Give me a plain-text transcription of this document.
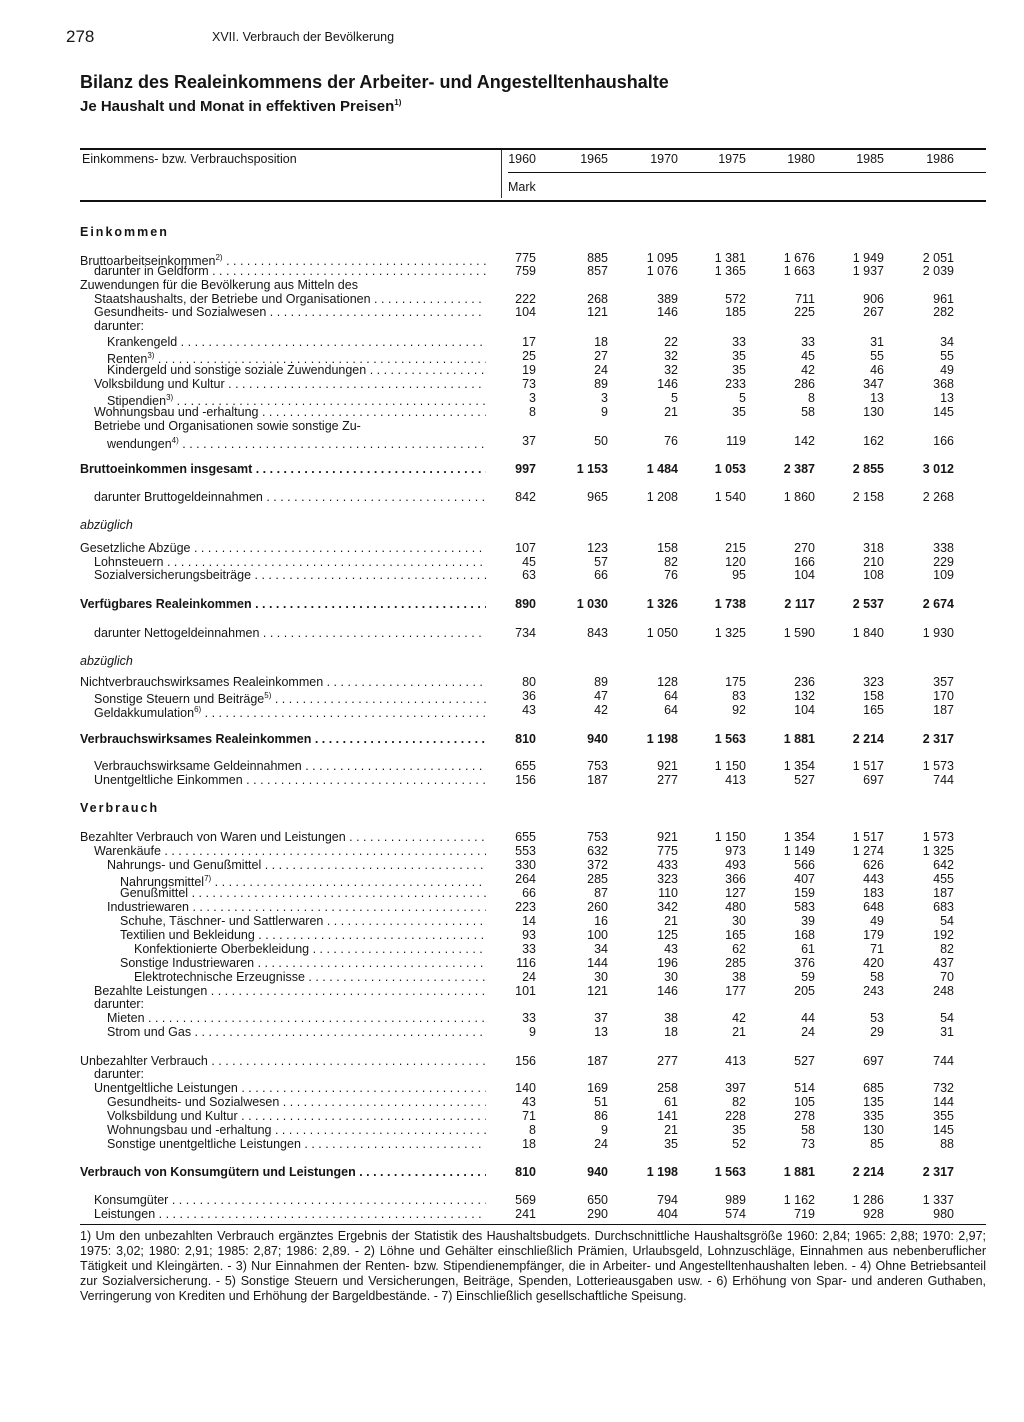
278	XVII. Verbrauch der Bevölkerung
Bilanz des Realeinkommens der Arbeiter- und Angestelltenhaushalte
Je Haushalt und Monat in effektiven Preisen$^{1)}$
Einkommens- bzw. Verbrauchsposition	1960	1965	1970	1975	1980	1985	1986
Mark
Einkommen
Bruttoarbeitseinkommen$^{2)}$ . . .	775	885	1 095	1 381	1 676	1 949	2 051
darunter in Geldform . . .	759	857	1 076	1 365	1 663	1 937	2 039
Zuwendungen für die Bevölkerung aus Mitteln des
Staatshaushalts, der Betriebe und Organisationen . . .	222	268	389	572	711	906	961
Gesundheits- und Sozialwesen . . .	104	121	146	185	225	267	282
darunter:
Krankengeld . . .	17	18	22	33	33	31	34
Renten$^{3)}$ . . .	25	27	32	35	45	55	55
Kindergeld und sonstige soziale Zuwendungen . . .	19	24	32	35	42	46	49
Volksbildung und Kultur . . .	73	89	146	233	286	347	368
Stipendien$^{3)}$ . . .	3	3	5	5	8	13	13
Wohnungsbau und -erhaltung . . .	8	9	21	35	58	130	145
Betriebe und Organisationen sowie sonstige Zu-
wendungen$^{4)}$ . . .	37	50	76	119	142	162	166
Bruttoeinkommen insgesamt . . .	997	1 153	1 484	1 053	2 387	2 855	3 012
darunter Bruttogeldeinnahmen . . .	842	965	1 208	1 540	1 860	2 158	2 268
abzüglich
Gesetzliche Abzüge . . .	107	123	158	215	270	318	338
Lohnsteuern . . .	45	57	82	120	166	210	229
Sozialversicherungsbeiträge . . .	63	66	76	95	104	108	109
Verfügbares Realeinkommen . . .	890	1 030	1 326	1 738	2 117	2 537	2 674
darunter Nettogeldeinnahmen . . .	734	843	1 050	1 325	1 590	1 840	1 930
abzüglich
Nichtverbrauchswirksames Realeinkommen . . .	80	89	128	175	236	323	357
Sonstige Steuern und Beiträge$^{5)}$ . . .	36	47	64	83	132	158	170
Geldakkumulation$^{6)}$ . . .	43	42	64	92	104	165	187
Verbrauchswirksames Realeinkommen . . .	810	940	1 198	1 563	1 881	2 214	2 317
Verbrauchswirksame Geldeinnahmen . . .	655	753	921	1 150	1 354	1 517	1 573
Unentgeltliche Einkommen . . .	156	187	277	413	527	697	744
Verbrauch
Bezahlter Verbrauch von Waren und Leistungen . . .	655	753	921	1 150	1 354	1 517	1 573
Warenkäufe . . .	553	632	775	973	1 149	1 274	1 325
Nahrungs- und Genußmittel . . .	330	372	433	493	566	626	642
Nahrungsmittel$^{7)}$ . . .	264	285	323	366	407	443	455
Genußmittel . . .	66	87	110	127	159	183	187
Industriewaren . . .	223	260	342	480	583	648	683
Schuhe, Täschner- und Sattlerwaren . . .	14	16	21	30	39	49	54
Textilien und Bekleidung . . .	93	100	125	165	168	179	192
Konfektionierte Oberbekleidung . . .	33	34	43	62	61	71	82
Sonstige Industriewaren . . .	116	144	196	285	376	420	437
Elektrotechnische Erzeugnisse . . .	24	30	30	38	59	58	70
Bezahlte Leistungen . . .	101	121	146	177	205	243	248
darunter:
Mieten . . .	33	37	38	42	44	53	54
Strom und Gas . . .	9	13	18	21	24	29	31
Unbezahlter Verbrauch . . .	156	187	277	413	527	697	744
darunter:
Unentgeltliche Leistungen . . .	140	169	258	397	514	685	732
Gesundheits- und Sozialwesen . . .	43	51	61	82	105	135	144
Volksbildung und Kultur . . .	71	86	141	228	278	335	355
Wohnungsbau und -erhaltung . . .	8	9	21	35	58	130	145
Sonstige unentgeltliche Leistungen . . .	18	24	35	52	73	85	88
Verbrauch von Konsumgütern und Leistungen . . .	810	940	1 198	1 563	1 881	2 214	2 317
Konsumgüter . . .	569	650	794	989	1 162	1 286	1 337
Leistungen . . .	241	290	404	574	719	928	980
1) Um den unbezahlten Verbrauch ergänztes Ergebnis der Statistik des Haushaltsbudgets. Durchschnittliche Haushaltsgröße 1960: 2,84; 1965: 2,88; 1970: 2,97; 1975: 3,02; 1980: 2,91; 1985: 2,87; 1986: 2,89. - 2) Löhne und Gehälter einschließlich Prämien, Urlaubsgeld, Lohnzuschläge, Einnahmen aus nebenberuflicher Tätigkeit und Kleingärten. - 3) Nur Einnahmen der Renten- bzw. Stipendienempfänger, die in Arbeiter- und Angestelltenhaushalten leben. - 4) Ohne Betriebsanteil zur Sozialversicherung. - 5) Sonstige Steuern und Versicherungen, Beiträge, Spenden, Lotterieausgaben usw. - 6) Erhöhung von Spar- und anderen Guthaben, Verringerung von Krediten und Erhöhung der Bargeldbestände. - 7) Einschließlich gesellschaftliche Speisung.
